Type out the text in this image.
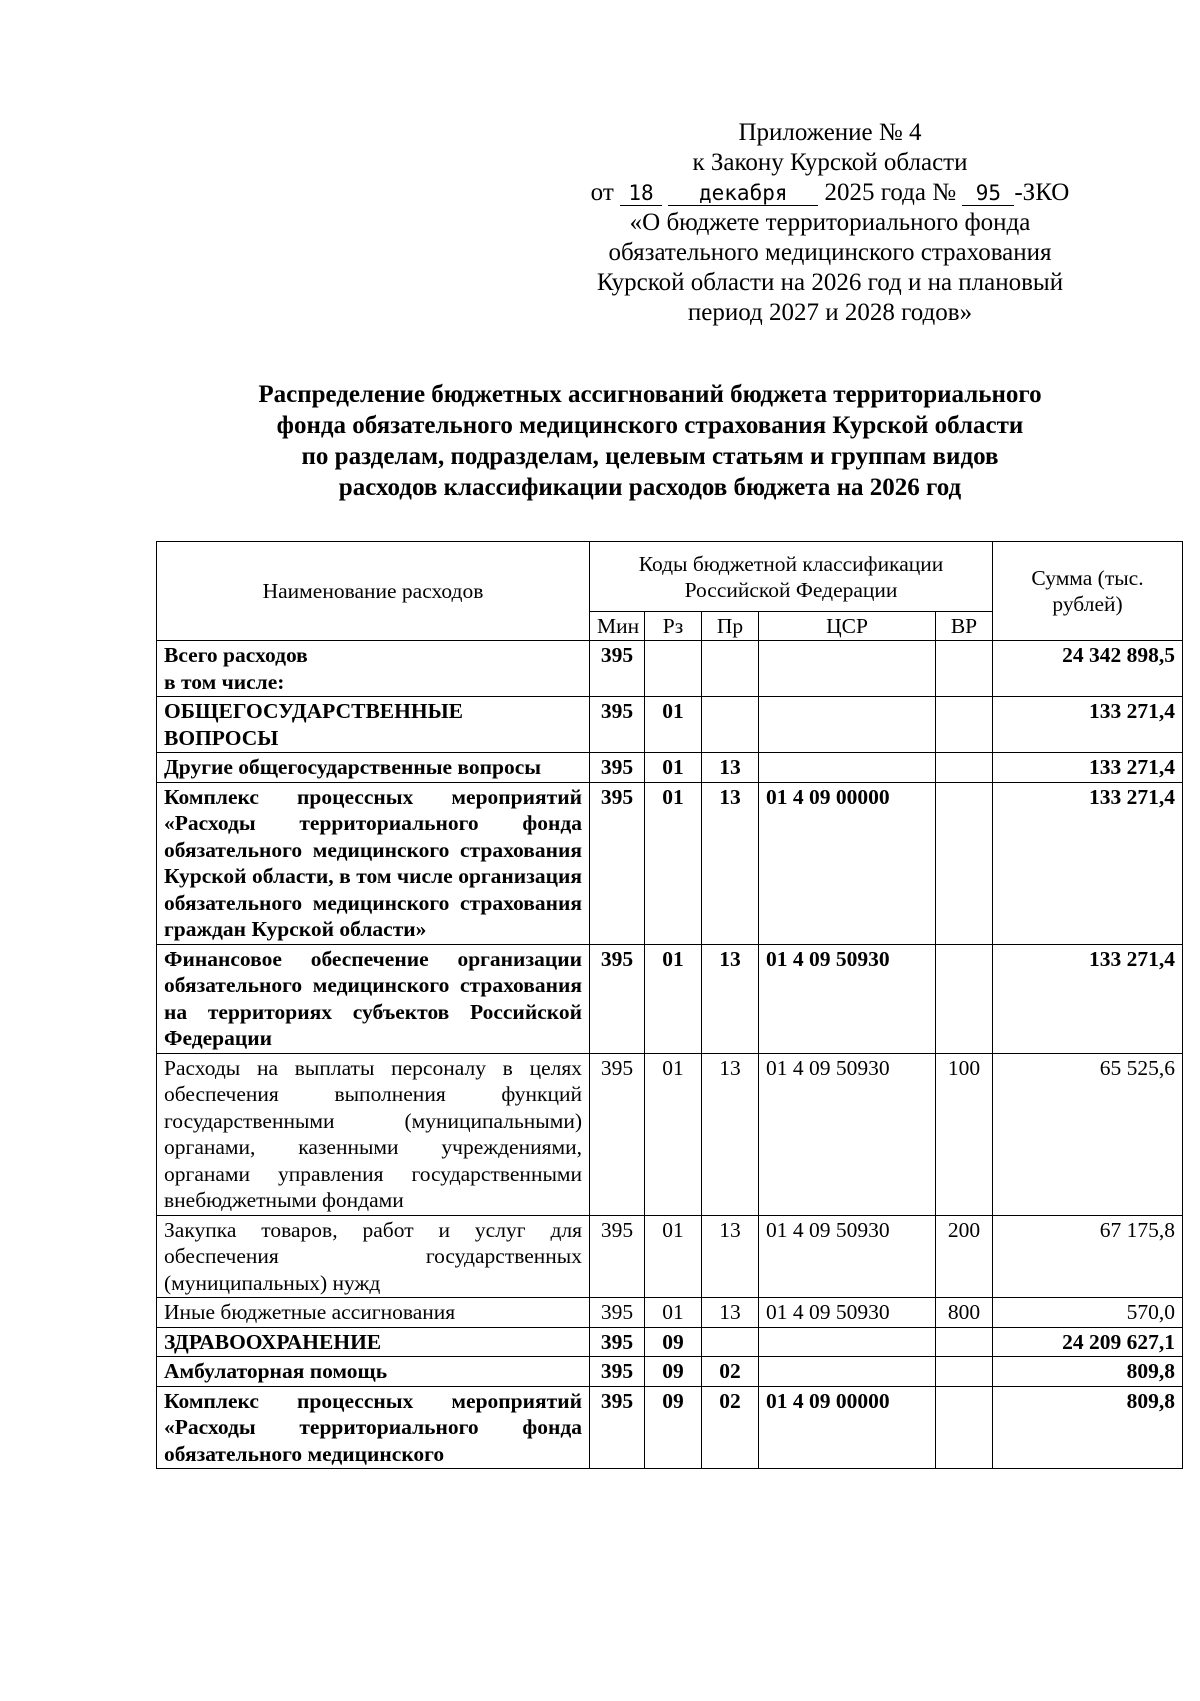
Приложение № 4
к Закону Курской области
от 18 декабря 2025 года № 95 -ЗКО
«О бюджете территориального фонда
обязательного медицинского страхования
Курской области на 2026 год и на плановый
период 2027 и 2028 годов»
Распределение бюджетных ассигнований бюджета территориального
фонда обязательного медицинского страхования Курской области
по разделам, подразделам, целевым статьям и группам видов
расходов классификации расходов бюджета на 2026 год
Наименование расходов	Коды бюджетной классификации Российской Федерации					Сумма (тыс. рублей)
	Мин	Рз	Пр	ЦСР	ВР	

Всего расходов
в том числе:	395					24 342 898,5
ОБЩЕГОСУДАРСТВЕННЫЕ ВОПРОСЫ	395	01				133 271,4
Другие общегосударственные вопросы	395	01	13			133 271,4
Комплекс процессных мероприятий «Расходы территориального фонда обязательного медицинского страхования Курской области, в том числе организация обязательного медицинского страхования граждан Курской области»	395	01	13	01 4 09 00000		133 271,4
Финансовое обеспечение организации обязательного медицинского страхования на территориях субъектов Российской Федерации	395	01	13	01 4 09 50930		133 271,4
Расходы на выплаты персоналу в целях обеспечения выполнения функций государственными (муниципальными) органами, казенными учреждениями, органами управления государственными внебюджетными фондами	395	01	13	01 4 09 50930	100	65 525,6
Закупка товаров, работ и услуг для обеспечения государственных (муниципальных) нужд	395	01	13	01 4 09 50930	200	67 175,8
Иные бюджетные ассигнования	395	01	13	01 4 09 50930	800	570,0
ЗДРАВООХРАНЕНИЕ	395	09				24 209 627,1
Амбулаторная помощь	395	09	02			809,8
Комплекс процессных мероприятий «Расходы территориального фонда обязательного медицинского	395	09	02	01 4 09 00000		809,8
